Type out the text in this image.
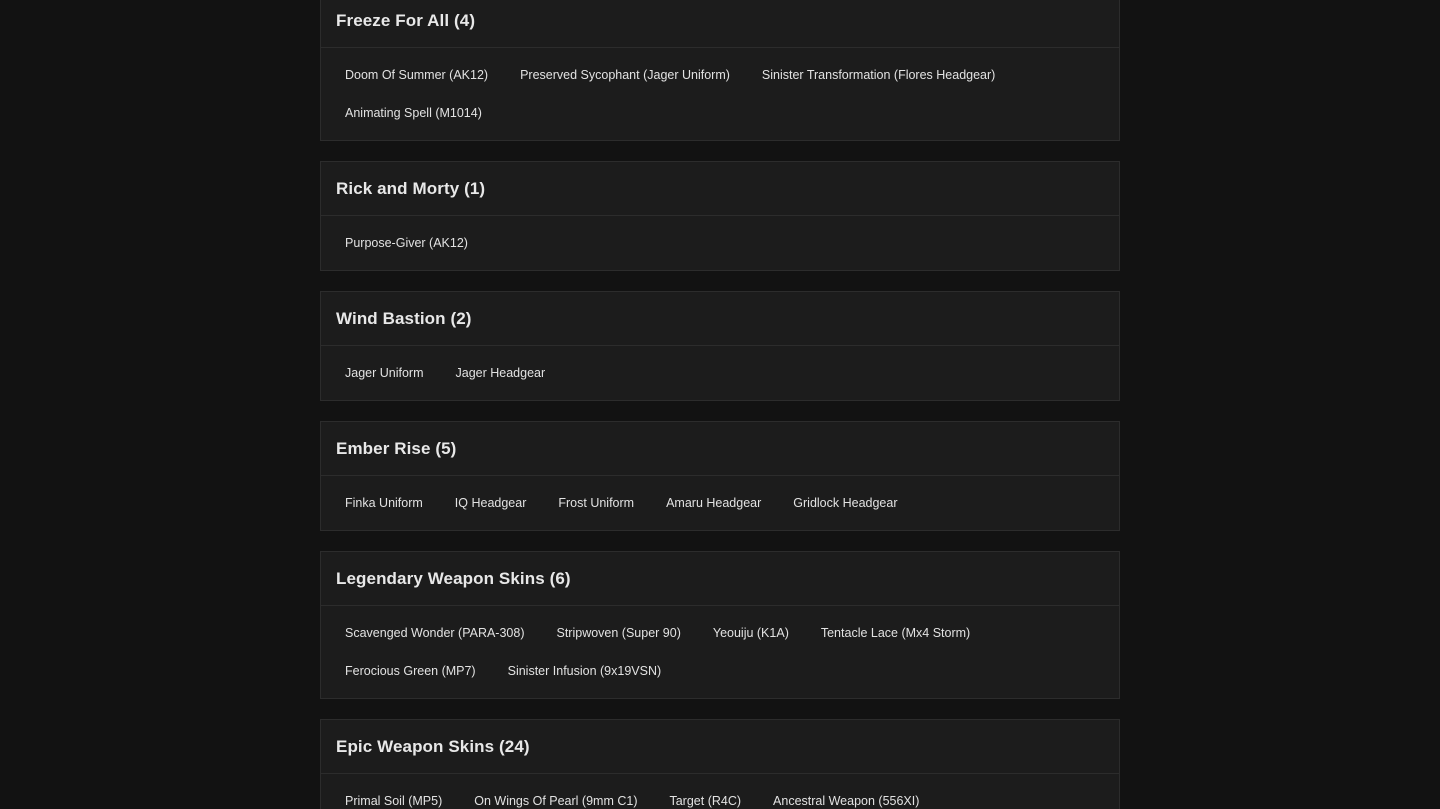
Freeze For All (4)
Doom Of Summer (AK12)	Preserved Sycophant (Jager Uniform)	Sinister Transformation (Flores Headgear)
Animating Spell (M1014)
Rick and Morty (1)
Purpose-Giver (AK12)
Wind Bastion (2)
Jager Uniform	Jager Headgear
Ember Rise (5)
Finka Uniform	IQ Headgear	Frost Uniform	Amaru Headgear	Gridlock Headgear
Legendary Weapon Skins (6)
Scavenged Wonder (PARA-308)	Stripwoven (Super 90)	Yeouiju (K1A)	Tentacle Lace (Mx4 Storm)
Ferocious Green (MP7)	Sinister Infusion (9x19VSN)
Epic Weapon Skins (24)
Primal Soil (MP5)	On Wings Of Pearl (9mm C1)	Target (R4C)	Ancestral Weapon (556XI)
